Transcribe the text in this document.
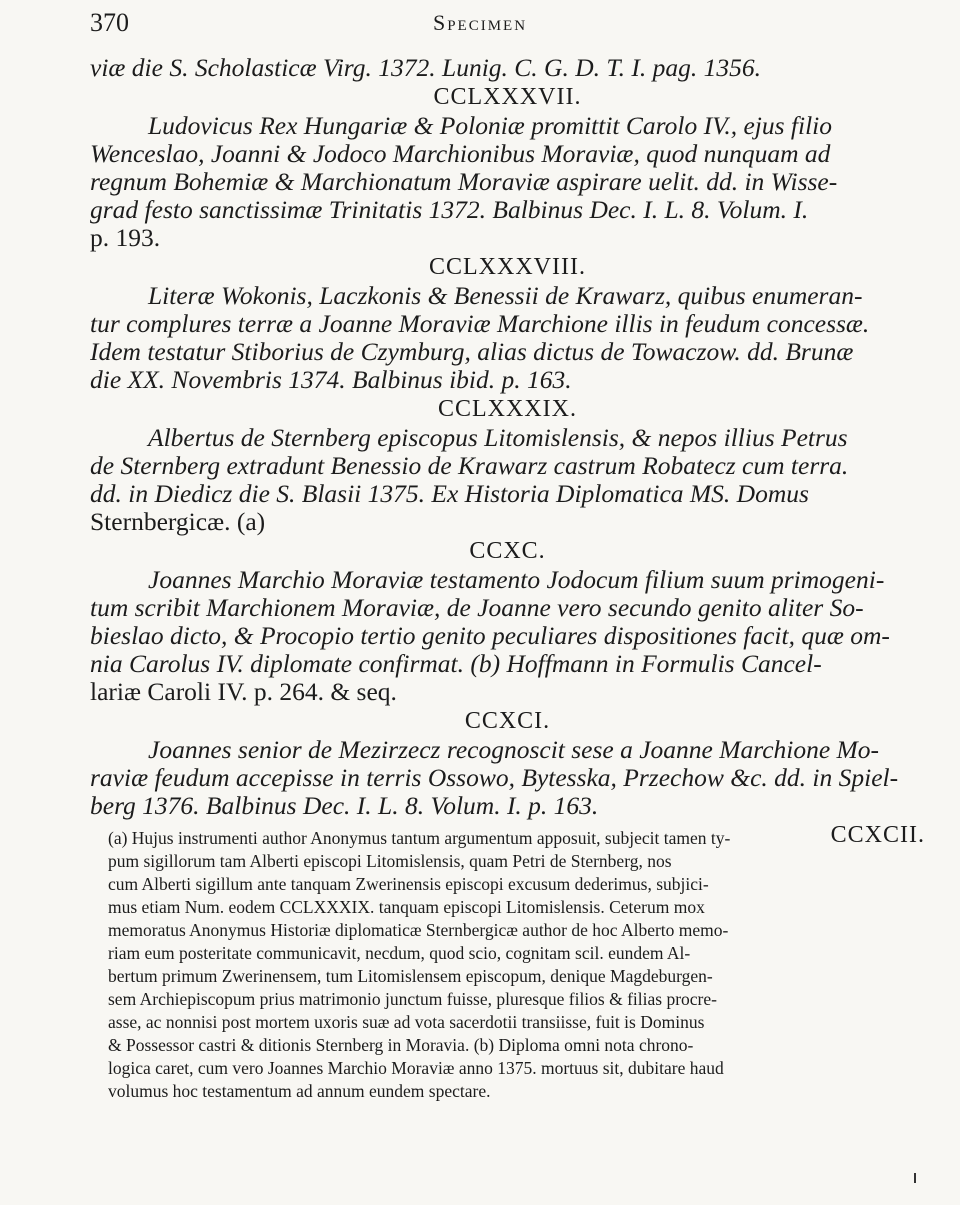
370	Specimen
viæ die S. Scholasticæ Virg. 1372. Lunig. C. G. D. T. I. pag. 1356.
CCLXXXVII.
Ludovicus Rex Hungariæ & Poloniæ promittit Carolo IV., ejus filio
Wenceslao, Joanni & Jodoco Marchionibus Moraviæ, quod nunquam ad
regnum Bohemiæ & Marchionatum Moraviæ aspirare uelit. dd. in Wisse-
grad festo sanctissimæ Trinitatis 1372. Balbinus Dec. I. L. 8. Volum. I.
p. 193.
CCLXXXVIII.
Literæ Wokonis, Laczkonis & Benessii de Krawarz, quibus enumeran-
tur complures terræ a Joanne Moraviæ Marchione illis in feudum concessæ.
Idem testatur Stiborius de Czymburg, alias dictus de Towaczow. dd. Brunæ
die XX. Novembris 1374. Balbinus ibid. p. 163.
CCLXXXIX.
Albertus de Sternberg episcopus Litomislensis, & nepos illius Petrus
de Sternberg extradunt Benessio de Krawarz castrum Robatecz cum terra.
dd. in Diedicz die S. Blasii 1375. Ex Historia Diplomatica MS. Domus
Sternbergicæ. (a)
CCXC.
Joannes Marchio Moraviæ testamento Jodocum filium suum primogeni-
tum scribit Marchionem Moraviæ, de Joanne vero secundo genito aliter So-
bieslao dicto, & Procopio tertio genito peculiares dispositiones facit, quæ om-
nia Carolus IV. diplomate confirmat. (b) Hoffmann in Formulis Cancel-
lariæ Caroli IV. p. 264. & seq.
CCXCI.
Joannes senior de Mezirzecz recognoscit sese a Joanne Marchione Mo-
raviæ feudum accepisse in terris Ossowo, Bytesska, Przechow &c. dd. in Spiel-
berg 1376. Balbinus Dec. I. L. 8. Volum. I. p. 163.
CCXCII.
(a) Hujus instrumenti author Anonymus tantum argumentum apposuit, subjecit tamen ty-
pum sigillorum tam Alberti episcopi Litomislensis, quam Petri de Sternberg, nos
cum Alberti sigillum ante tanquam Zwerinensis episcopi excusum dederimus, subjici-
mus etiam Num. eodem CCLXXXIX. tanquam episcopi Litomislensis. Ceterum mox
memoratus Anonymus Historiæ diplomaticæ Sternbergicæ author de hoc Alberto memo-
riam eum posteritate communicavit, necdum, quod scio, cognitam scil. eundem Al-
bertum primum Zwerinensem, tum Litomislensem episcopum, denique Magdeburgen-
sem Archiepiscopum prius matrimonio junctum fuisse, pluresque filios & filias procre-
asse, ac nonnisi post mortem uxoris suæ ad vota sacerdotii transiisse, fuit is Dominus
& Possessor castri & ditionis Sternberg in Moravia. (b) Diploma omni nota chrono-
logica caret, cum vero Joannes Marchio Moraviæ anno 1375. mortuus sit, dubitare haud
volumus hoc testamentum ad annum eundem spectare.
